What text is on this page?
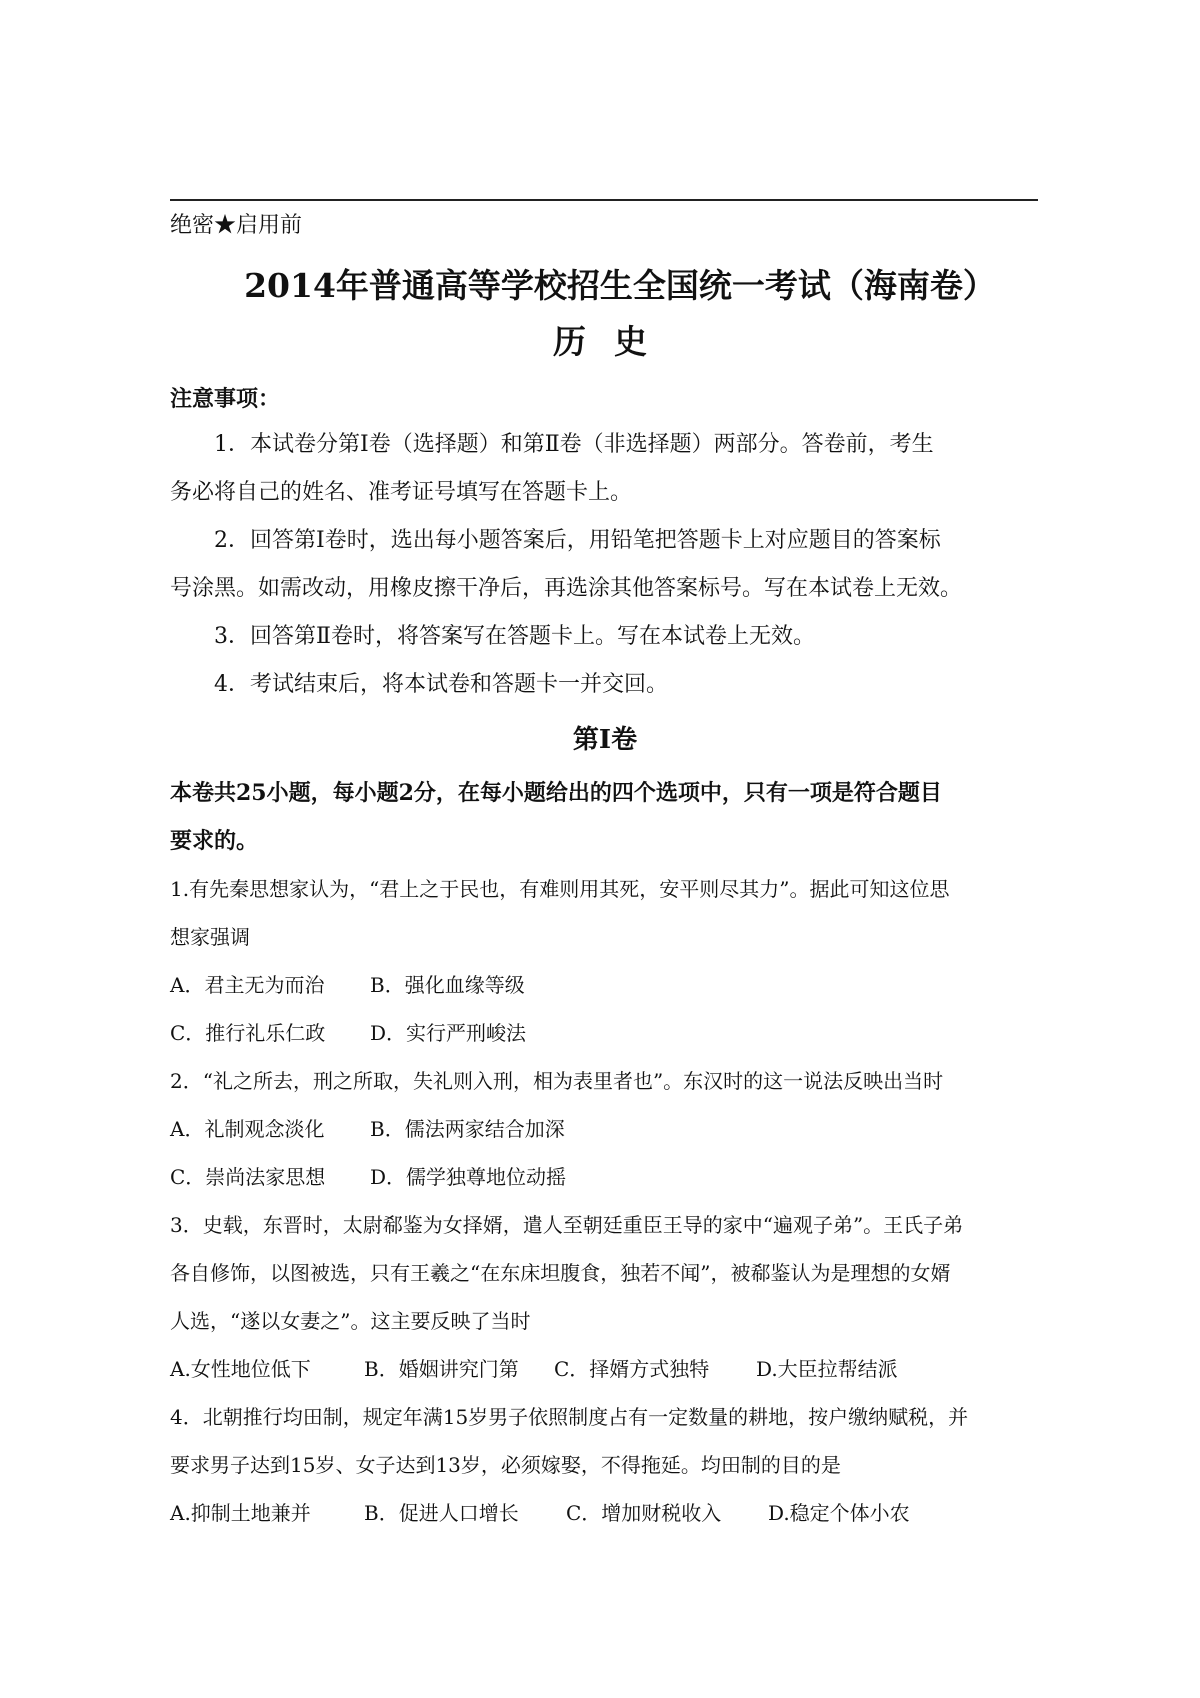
绝密★启用前
2014年普通高等学校招生全国统一考试（海南卷）
历史
注意事项：
1．本试卷分第Ⅰ卷（选择题）和第Ⅱ卷（非选择题）两部分。答卷前，考生
务必将自己的姓名、准考证号填写在答题卡上。
2．回答第Ⅰ卷时，选出每小题答案后，用铅笔把答题卡上对应题目的答案标
号涂黑。如需改动，用橡皮擦干净后，再选涂其他答案标号。写在本试卷上无效。
3．回答第Ⅱ卷时，将答案写在答题卡上。写在本试卷上无效。
4．考试结束后，将本试卷和答题卡一并交回。
第Ⅰ卷
本卷共25小题，每小题2分，在每小题给出的四个选项中，只有一项是符合题目
要求的。
1.有先秦思想家认为，“君上之于民也，有难则用其死，安平则尽其力”。据此可知这位思
想家强调
A．君主无为而治 B．强化血缘等级
C．推行礼乐仁政 D．实行严刑峻法
2．“礼之所去，刑之所取，失礼则入刑，相为表里者也”。东汉时的这一说法反映出当时
A．礼制观念淡化 B．儒法两家结合加深
C．崇尚法家思想 D．儒学独尊地位动摇
3．史载，东晋时，太尉郗鉴为女择婿，遣人至朝廷重臣王导的家中“遍观子弟”。王氏子弟
各自修饰，以图被选，只有王羲之“在东床坦腹食，独若不闻”，被郗鉴认为是理想的女婿
人选，“遂以女妻之”。这主要反映了当时
A.女性地位低下	B．婚姻讲究门第 C．择婿方式独特 D.大臣拉帮结派
4．北朝推行均田制，规定年满15岁男子依照制度占有一定数量的耕地，按户缴纳赋税，并
要求男子达到15岁、女子达到13岁，必须嫁娶，不得拖延。均田制的目的是
A.抑制土地兼并	B．促进人口增长 C．增加财税收入 D.稳定个体小农
